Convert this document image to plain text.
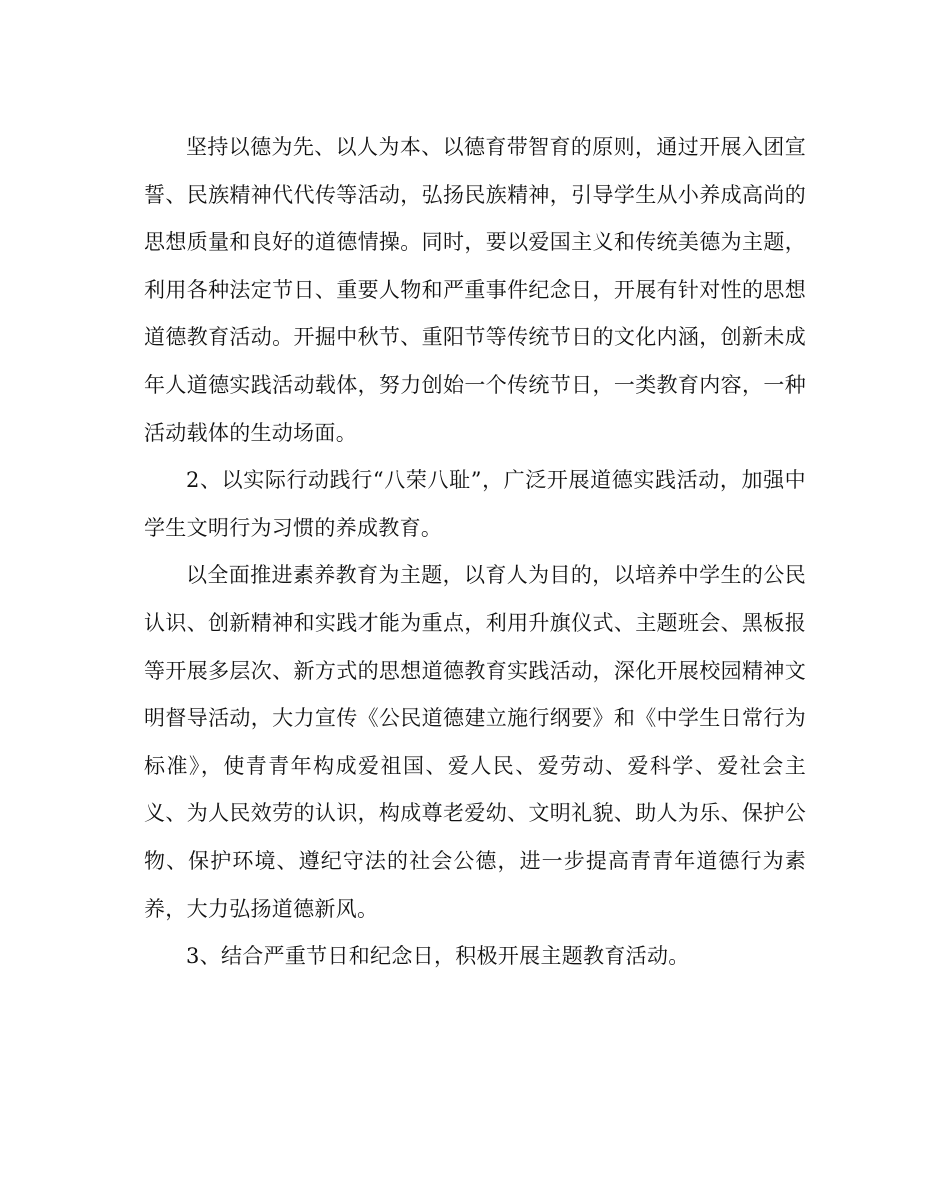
坚持以德为先、以人为本、以德育带智育的原则，通过开展入团宣誓、民族精神代代传等活动，弘扬民族精神，引导学生从小养成高尚的思想质量和良好的道德情操。同时，要以爱国主义和传统美德为主题，利用各种法定节日、重要人物和严重事件纪念日，开展有针对性的思想道德教育活动。开掘中秋节、重阳节等传统节日的文化内涵，创新未成年人道德实践活动载体，努力创始一个传统节日，一类教育内容，一种活动载体的生动场面。

2、以实际行动践行“八荣八耻”，广泛开展道德实践活动，加强中学生文明行为习惯的养成教育。

以全面推进素养教育为主题，以育人为目的，以培养中学生的公民认识、创新精神和实践才能为重点，利用升旗仪式、主题班会、黑板报等开展多层次、新方式的思想道德教育实践活动，深化开展校园精神文明督导活动，大力宣传《公民道德建立施行纲要》和《中学生日常行为标准》，使青青年构成爱祖国、爱人民、爱劳动、爱科学、爱社会主义、为人民效劳的认识，构成尊老爱幼、文明礼貌、助人为乐、保护公物、保护环境、遵纪守法的社会公德，进一步提高青青年道德行为素养，大力弘扬道德新风。

3、结合严重节日和纪念日，积极开展主题教育活动。
